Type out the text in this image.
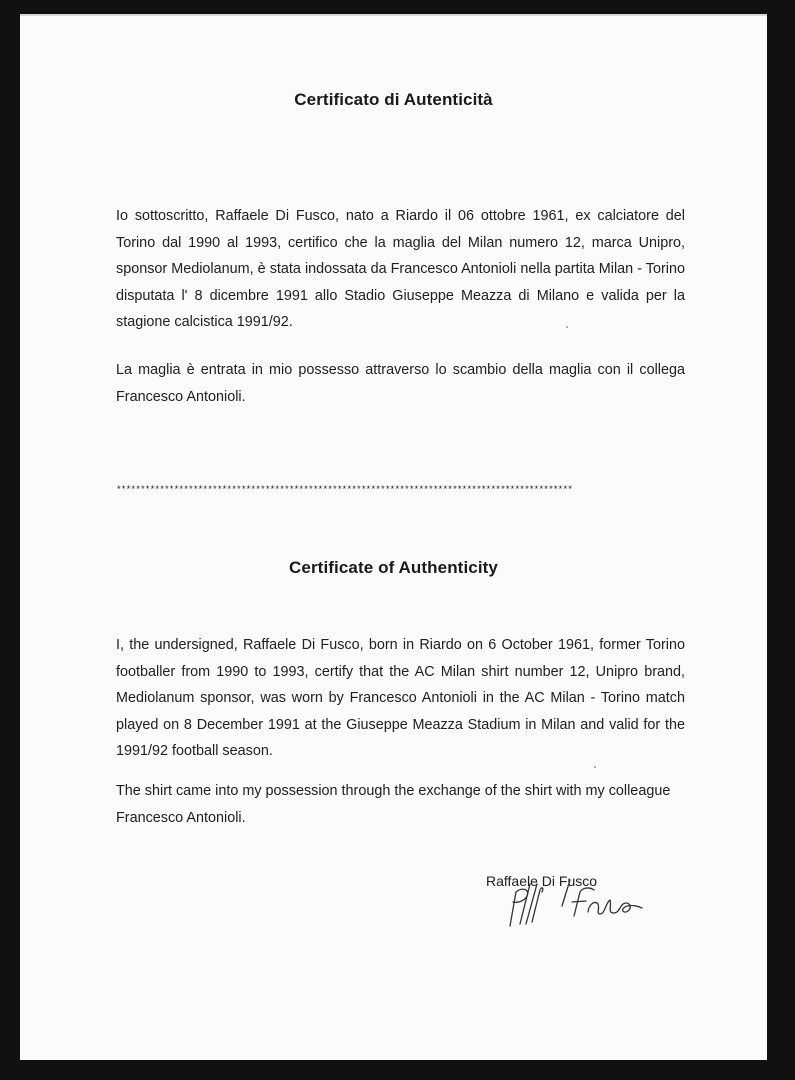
Certificato di Autenticità
Io sottoscritto, Raffaele Di Fusco, nato a Riardo il 06 ottobre 1961, ex calciatore del Torino dal 1990 al 1993, certifico che la maglia del Milan numero 12, marca Unipro, sponsor Mediolanum, è stata indossata da Francesco Antonioli nella partita Milan - Torino disputata l' 8 dicembre 1991 allo Stadio Giuseppe Meazza di Milano e valida per la stagione calcistica 1991/92.
La maglia è entrata in mio possesso attraverso lo scambio della maglia con il collega Francesco Antonioli.
***********************************************************************************************
Certificate of Authenticity
I, the undersigned, Raffaele Di Fusco, born in Riardo on 6 October 1961, former Torino footballer from 1990 to 1993, certify that the AC Milan shirt number 12, Unipro brand, Mediolanum sponsor, was worn by Francesco Antonioli in the AC Milan - Torino match played on 8 December 1991 at the Giuseppe Meazza Stadium in Milan and valid for the 1991/92 football season.
The shirt came into my possession through the exchange of the shirt with my colleague Francesco Antonioli.
Raffaele Di Fusco
